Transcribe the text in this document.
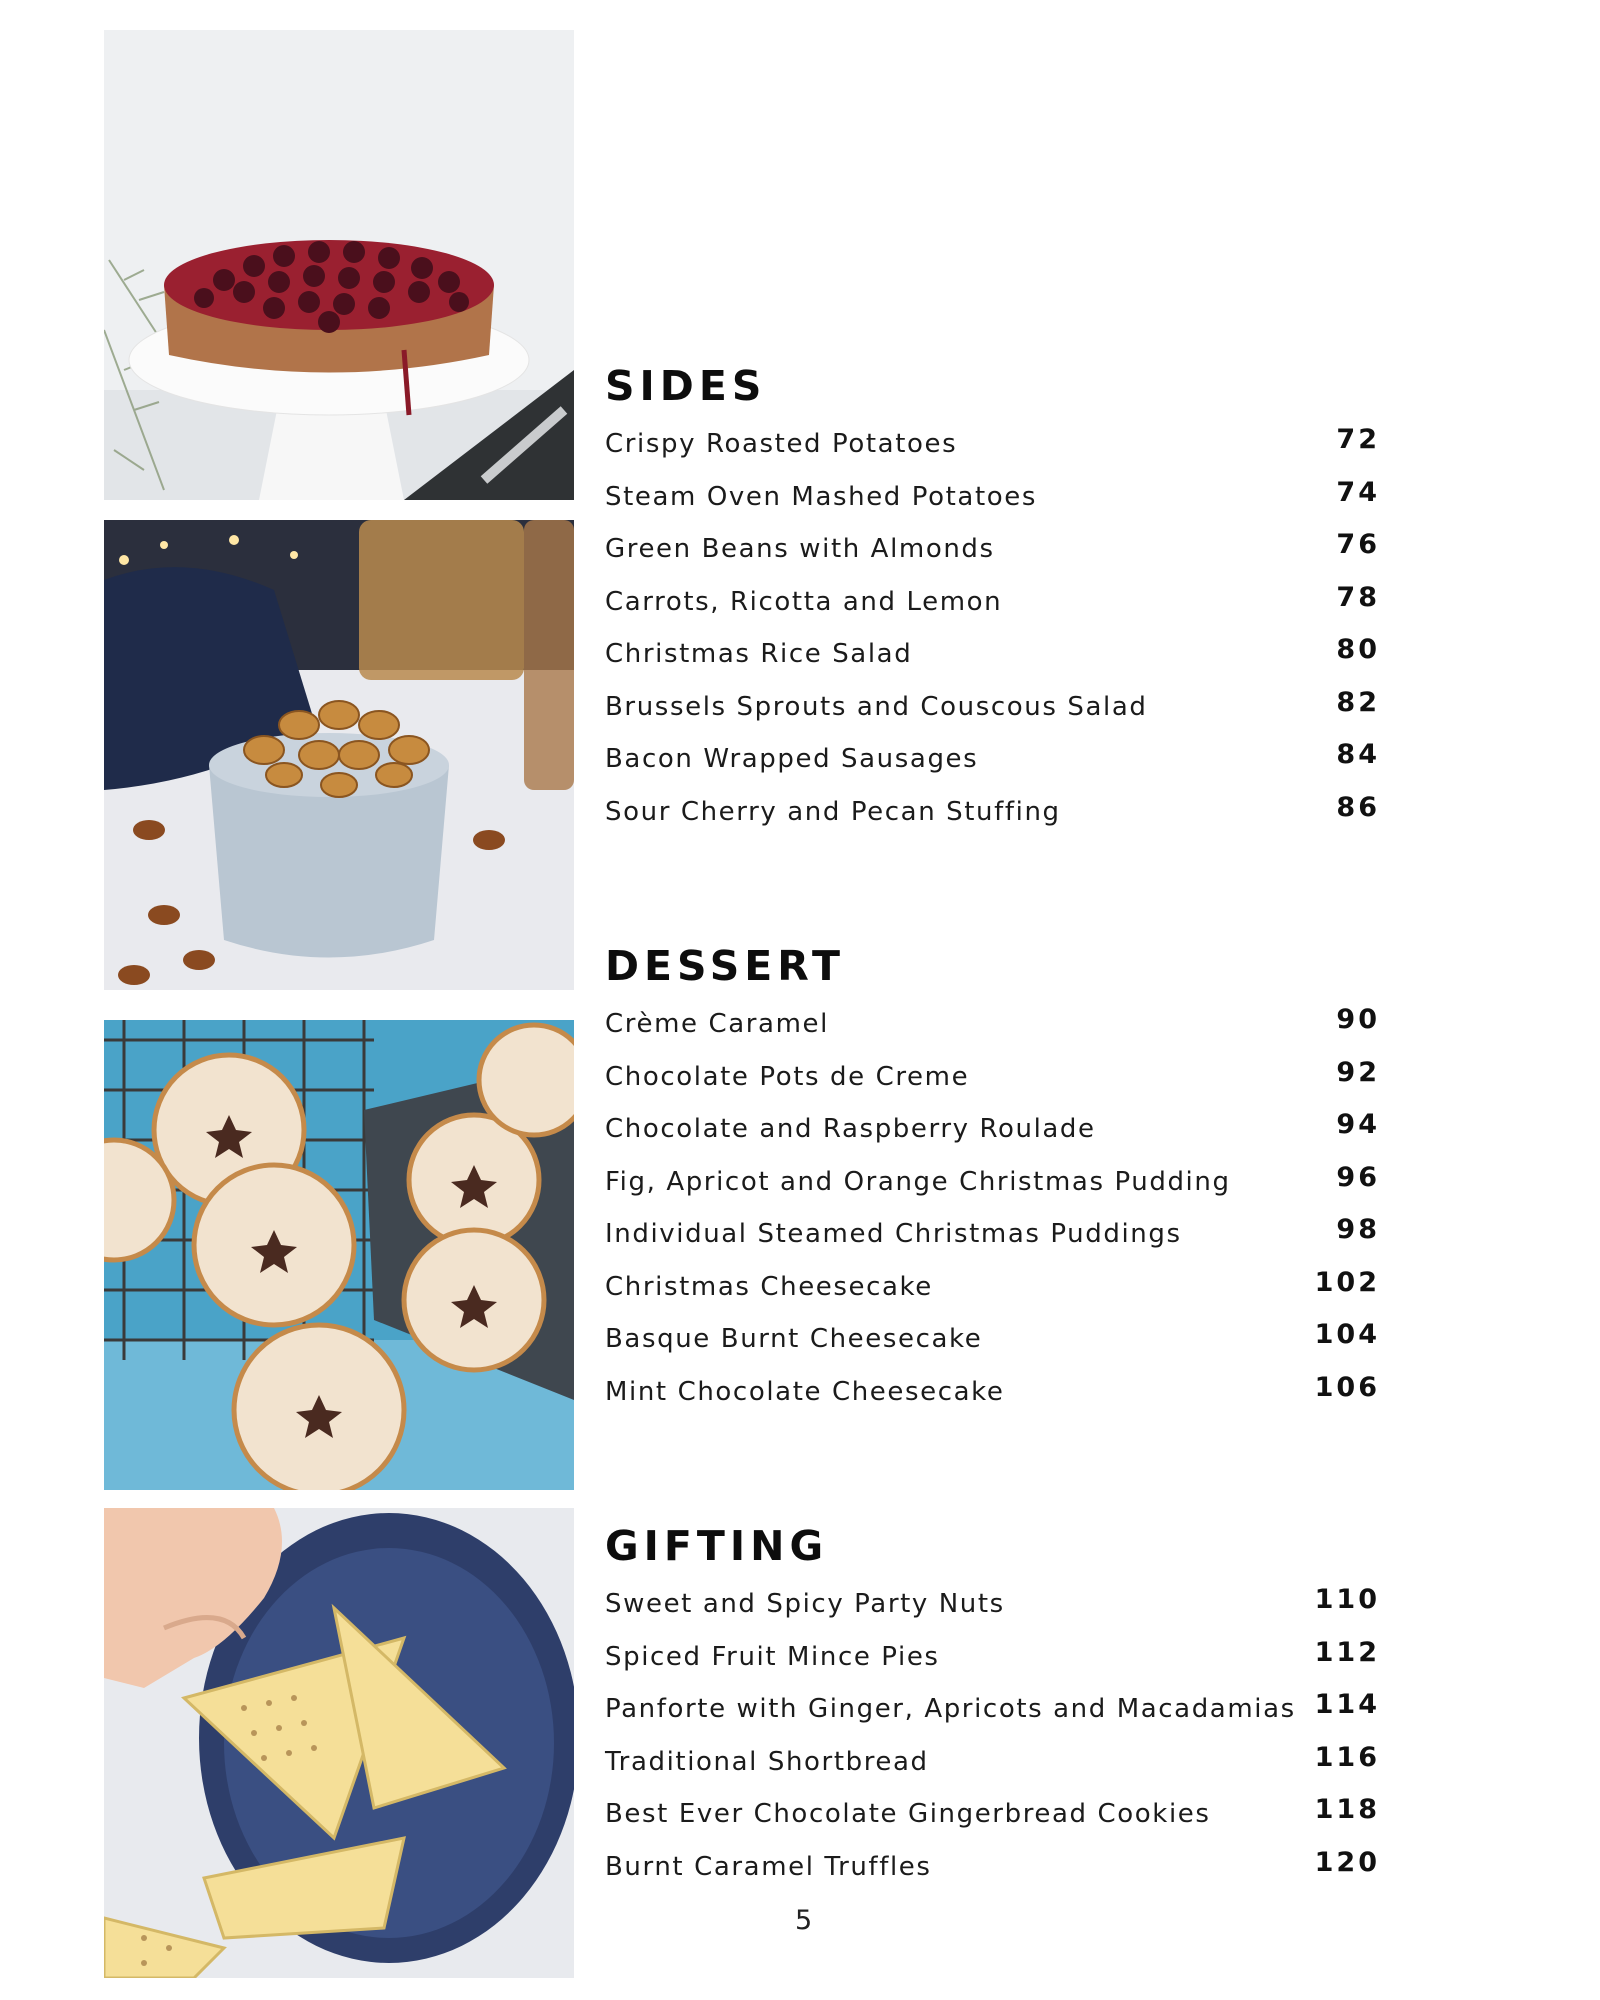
SIDES
Crispy Roasted Potatoes	72
Steam Oven Mashed Potatoes	74
Green Beans with Almonds	76
Carrots, Ricotta and Lemon	78
Christmas Rice Salad	80
Brussels Sprouts and Couscous Salad	82
Bacon Wrapped Sausages	84
Sour Cherry and Pecan Stuffing	86
DESSERT
Crème Caramel	90
Chocolate Pots de Creme	92
Chocolate and Raspberry Roulade	94
Fig, Apricot and Orange Christmas Pudding	96
Individual Steamed Christmas Puddings	98
Christmas Cheesecake	102
Basque Burnt Cheesecake	104
Mint Chocolate Cheesecake	106
GIFTING
Sweet and Spicy Party Nuts	110
Spiced Fruit Mince Pies	112
Panforte with Ginger, Apricots and Macadamias 114
Traditional Shortbread	116
Best Ever Chocolate Gingerbread Cookies	118
Burnt Caramel Truffles	120
5
